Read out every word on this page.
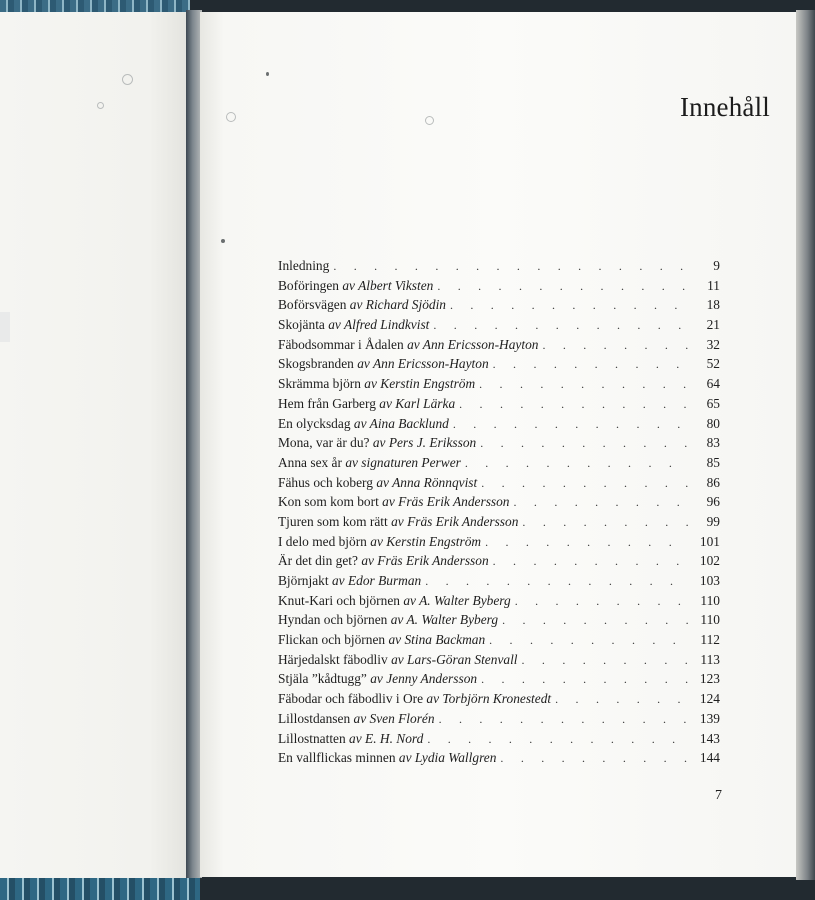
Innehåll
Inledning . . .	9
Boföringen av Albert Viksten . . .	11
Boförsvägen av Richard Sjödin . . .	18
Skojänta av Alfred Lindkvist . . .	21
Fäbodsommar i Ådalen av Ann Ericsson-Hayton . . .	32
Skogsbranden av Ann Ericsson-Hayton . . .	52
Skrämma björn av Kerstin Engström . . .	64
Hem från Garberg av Karl Lärka . . .	65
En olycksdag av Aina Backlund . . .	80
Mona, var är du? av Pers J. Eriksson . . .	83
Anna sex år av signaturen Perwer . . .	85
Fähus och koberg av Anna Rönnqvist . . .	86
Kon som kom bort av Fräs Erik Andersson . . .	96
Tjuren som kom rätt av Fräs Erik Andersson . . .	99
I delo med björn av Kerstin Engström . . .	101
Är det din get? av Fräs Erik Andersson . . .	102
Björnjakt av Edor Burman . . .	103
Knut-Kari och björnen av A. Walter Byberg . . .	110
Hyndan och björnen av A. Walter Byberg . . .	110
Flickan och björnen av Stina Backman . . .	112
Härjedalskt fäbodliv av Lars-Göran Stenvall . . .	113
Stjäla ”kådtugg” av Jenny Andersson . . .	123
Fäbodar och fäbodliv i Ore av Torbjörn Kronestedt . . .	124
Lillostdansen av Sven Florén . . .	139
Lillostnatten av E. H. Nord . . .	143
En vallflickas minnen av Lydia Wallgren . . .	144
7
